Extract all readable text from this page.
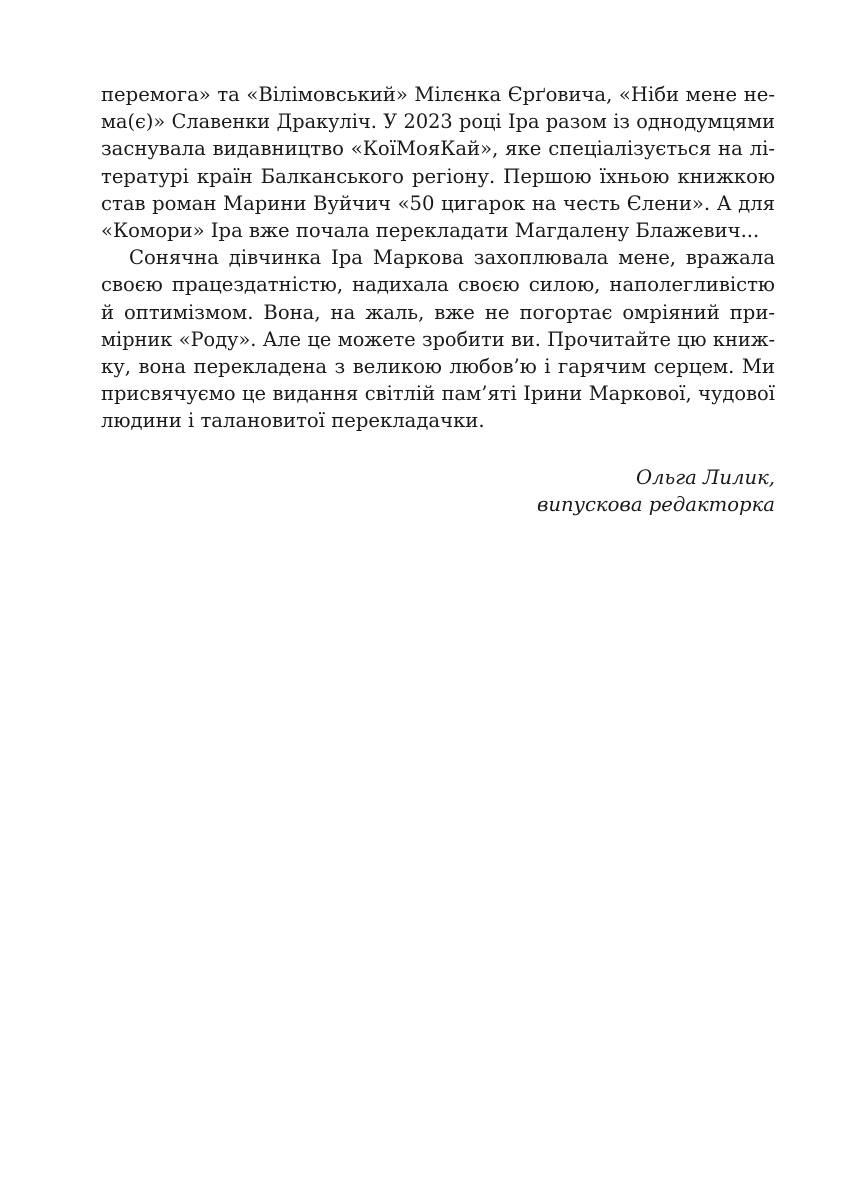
перемога» та «Вілімовський» Мілєнка Єрґовича, «Ніби мене не-
ма(є)» Славенки Дракуліч. У 2023 році Іра разом із однодумцями
заснувала видавництво «КоїМояКай», яке спеціалізується на лі-
тературі країн Балканського регіону. Першою їхньою книжкою
став роман Марини Вуйчич «50 цигарок на честь Єлени». А для
«Комори» Іра вже почала перекладати Магдалену Блажевич...
Сонячна дівчинка Іра Маркова захоплювала мене, вражала
своєю працездатністю, надихала своєю силою, наполегливістю
й оптимізмом. Вона, на жаль, вже не погортає омріяний при-
мірник «Роду». Але це можете зробити ви. Прочитайте цю книж-
ку, вона перекладена з великою любов’ю і гарячим серцем. Ми
присвячуємо це видання світлій пам’яті Ірини Маркової, чудової
людини і талановитої перекладачки.
Ольга Лилик,
випускова редакторка
